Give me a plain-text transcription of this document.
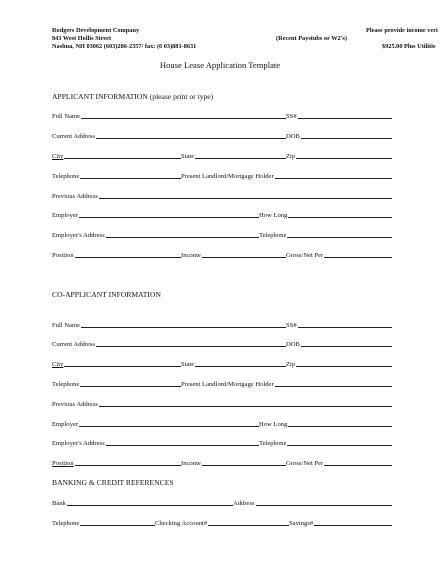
Rodgers Development Company
843 West Hollis Street
Nashua, NH 03062 (603)286-2357/ fax: (6 03)881-8631
Please provide income veri
(Recent Paystubs or W2's)
$925.00 Plus Utilitie
House Lease Application Template
APPLICANT INFORMATION (please print or type)
Full Name	SS#
Current Address	DOB
City	State	Zip
Telephone	Present Landlord/Mortgage Holder
Previous Address
Employer	How Long
Employer's Address	Telephone
Position	Income	Gross/Net Per
CO-APPLICANT INFORMATION
Full Name	SS#
Current Address	DOB
City	State	Zip
Telephone	Present Landlord/Mortgage Holder
Previous Address
Employer	How Long
Employer's Address	Telephone
Position	Income	Gross/Net Per
BANKING & CREDIT REFERENCES
Bank	Address
Telephone	Checking Account#	Savings#
